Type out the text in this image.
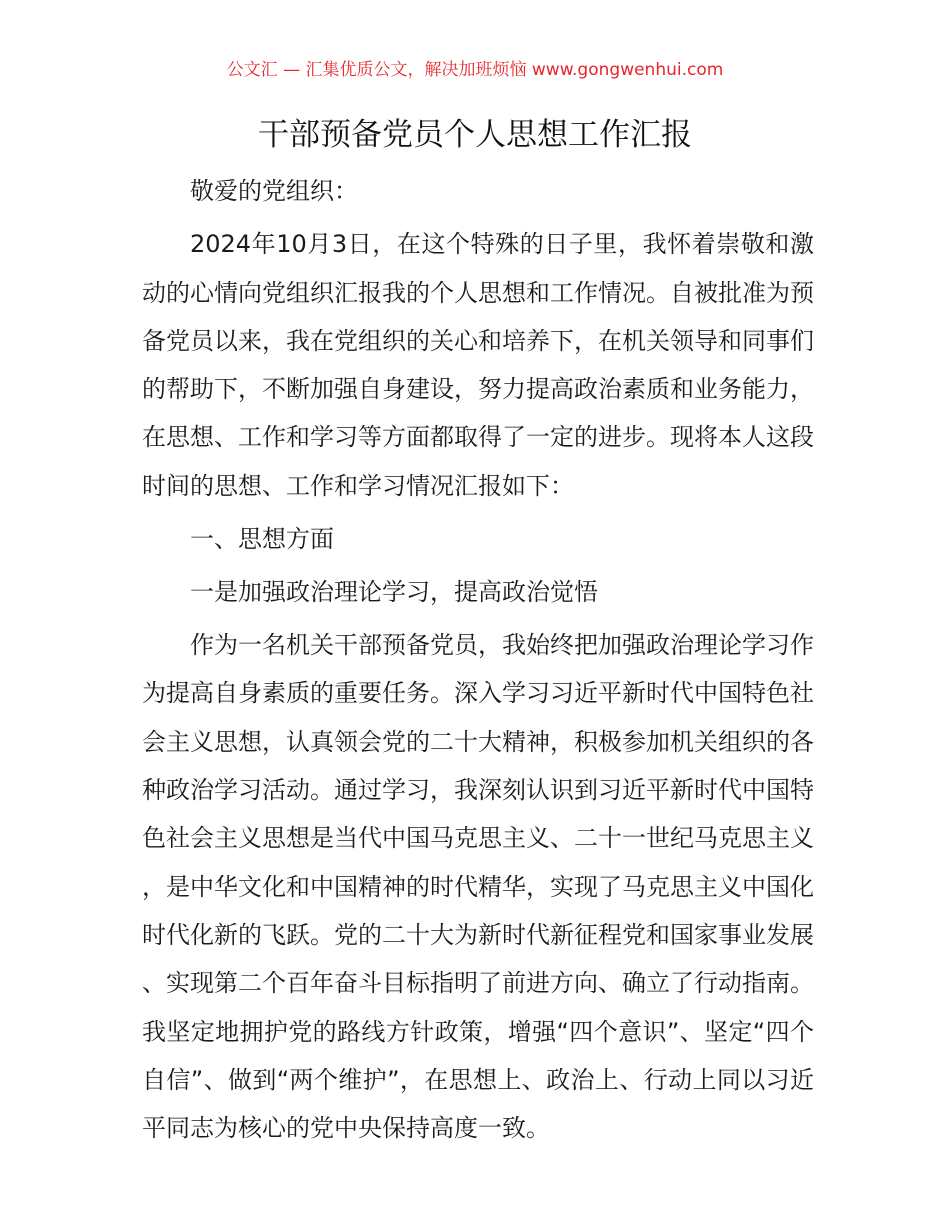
公文汇 — 汇集优质公文，解决加班烦恼 www.gongwenhui.com
干部预备党员个人思想工作汇报

敬爱的党组织：

2024年10月3日，在这个特殊的日子里，我怀着崇敬和激动的心情向党组织汇报我的个人思想和工作情况。自被批准为预备党员以来，我在党组织的关心和培养下，在机关领导和同事们的帮助下，不断加强自身建设，努力提高政治素质和业务能力，在思想、工作和学习等方面都取得了一定的进步。现将本人这段时间的思想、工作和学习情况汇报如下：

一、思想方面

一是加强政治理论学习，提高政治觉悟

作为一名机关干部预备党员，我始终把加强政治理论学习作为提高自身素质的重要任务。深入学习习近平新时代中国特色社会主义思想，认真领会党的二十大精神，积极参加机关组织的各种政治学习活动。通过学习，我深刻认识到习近平新时代中国特色社会主义思想是当代中国马克思主义、二十一世纪马克思主义，是中华文化和中国精神的时代精华，实现了马克思主义中国化时代化新的飞跃。党的二十大为新时代新征程党和国家事业发展、实现第二个百年奋斗目标指明了前进方向、确立了行动指南。我坚定地拥护党的路线方针政策，增强“四个意识”、坚定“四个自信”、做到“两个维护”，在思想上、政治上、行动上同以习近平同志为核心的党中央保持高度一致。
